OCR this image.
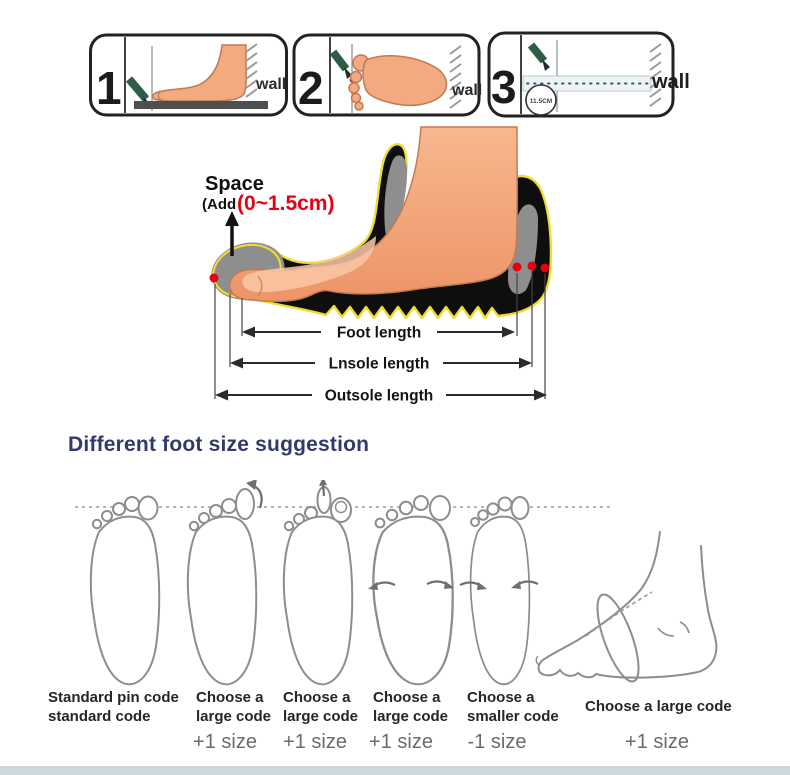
1	wall 2	wall 3 11.5CM
wall
Foot length
Lnsole length
Outsole length
Space
(Add (0~1.5cm)
Different foot size suggestion
Standard pin code
standard code
Choose a
large code
Choose a
large code
Choose a
large code
Choose a
smaller code
Choose a large code
+1 size +1 size +1 size -1 size	+1 size
